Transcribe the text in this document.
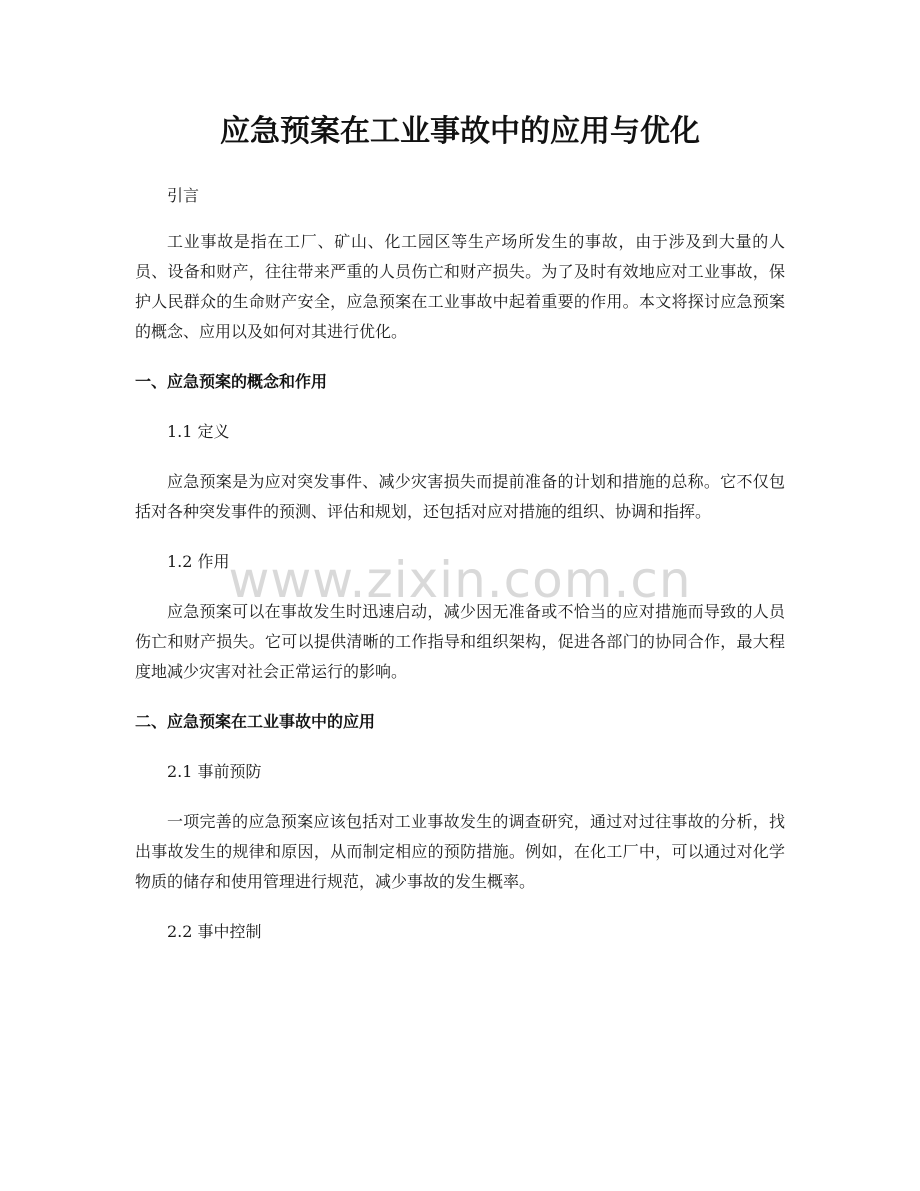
应急预案在工业事故中的应用与优化

引言

工业事故是指在工厂、矿山、化工园区等生产场所发生的事故，由于涉及到大量的人员、设备和财产，往往带来严重的人员伤亡和财产损失。为了及时有效地应对工业事故，保护人民群众的生命财产安全，应急预案在工业事故中起着重要的作用。本文将探讨应急预案的概念、应用以及如何对其进行优化。

一、应急预案的概念和作用

1.1 定义

应急预案是为应对突发事件、减少灾害损失而提前准备的计划和措施的总称。它不仅包括对各种突发事件的预测、评估和规划，还包括对应对措施的组织、协调和指挥。

1.2 作用

应急预案可以在事故发生时迅速启动，减少因无准备或不恰当的应对措施而导致的人员伤亡和财产损失。它可以提供清晰的工作指导和组织架构，促进各部门的协同合作，最大程度地减少灾害对社会正常运行的影响。

二、应急预案在工业事故中的应用

2.1 事前预防

一项完善的应急预案应该包括对工业事故发生的调查研究，通过对过往事故的分析，找出事故发生的规律和原因，从而制定相应的预防措施。例如，在化工厂中，可以通过对化学物质的储存和使用管理进行规范，减少事故的发生概率。

2.2 事中控制

www.zixin.com.cn
